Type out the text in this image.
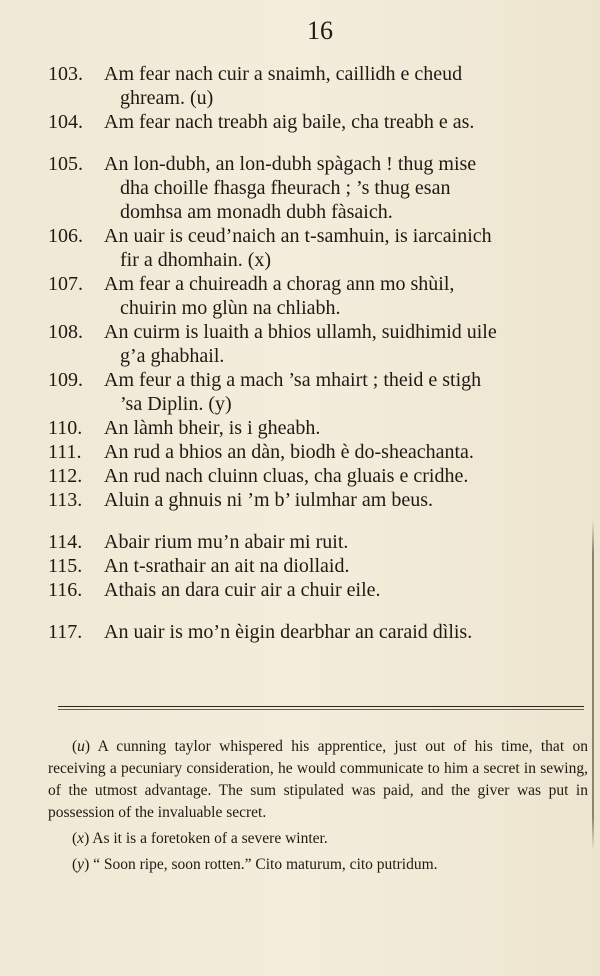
16
103.	Am fear nach cuir a snaimh, caillidh e cheud
ghream. (u)
104.	Am fear nach treabh aig baile, cha treabh e as.
105.	An lon-dubh, an lon-dubh spàgach ! thug mise
dha choille fhasga fheurach ; ’s thug esan
domhsa am monadh dubh fàsaich.
106.	An uair is ceud’naich an t-samhuin, is iarcainich
fir a dhomhain. (x)
107.	Am fear a chuireadh a chorag ann mo shùil,
chuirin mo glùn na chliabh.
108.	An cuirm is luaith a bhios ullamh, suidhimid uile
g’a ghabhail.
109.	Am feur a thig a mach ’sa mhairt ; theid e stigh
’sa Diplin. (y)
110.	An làmh bheir, is i gheabh.
111.	An rud a bhios an dàn, biodh è do-sheachanta.
112.	An rud nach cluinn cluas, cha gluais e cridhe.
113.	Aluin a ghnuis ni ’m b’ iulmhar am beus.
114.	Abair rium mu’n abair mi ruit.
115.	An t-srathair an ait na diollaid.
116.	Athais an dara cuir air a chuir eile.
117.	An uair is mo’n èigin dearbhar an caraid dìlis.
(u) A cunning taylor whispered his apprentice, just out of his time, that on receiving a pecuniary consideration, he would communicate to him a secret in sewing, of the utmost advantage. The sum stipulated was paid, and the giver was put in possession of the invaluable secret.
(x) As it is a foretoken of a severe winter.
(y) “ Soon ripe, soon rotten.” Cito maturum, cito putridum.
